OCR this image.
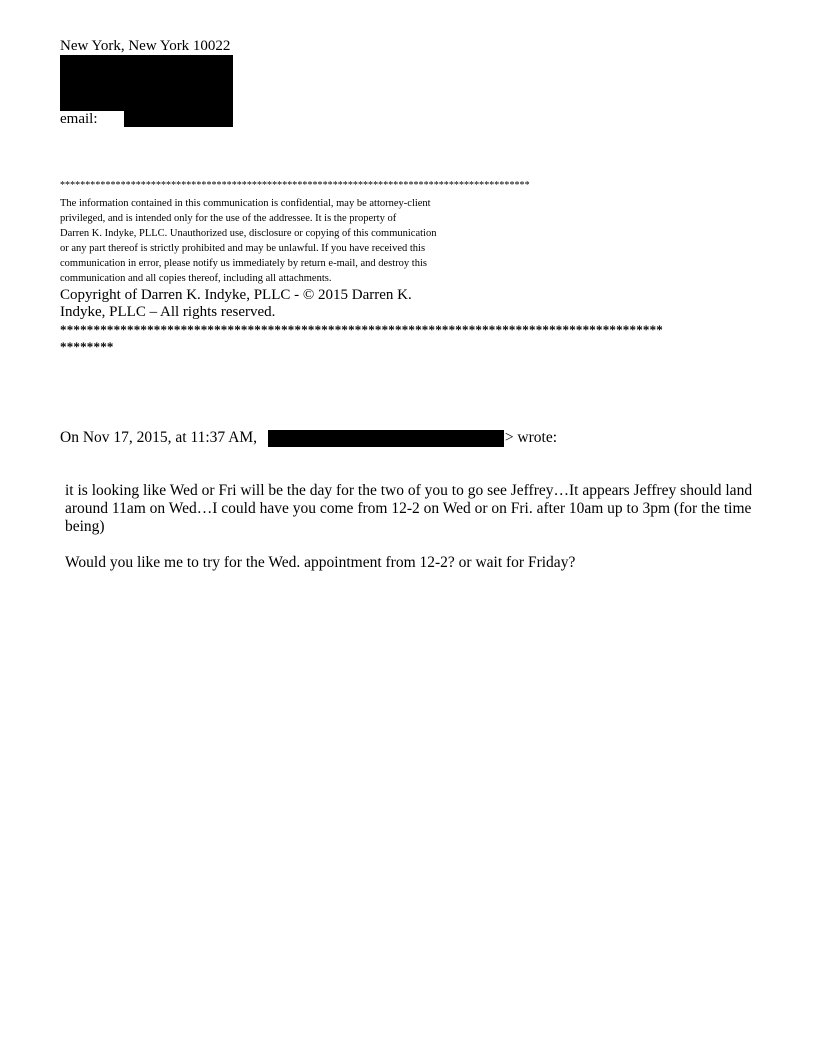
New York, New York 10022
email:
*********************************************************************************************
The information contained in this communication is confidential, may be attorney-client
privileged, and is intended only for the use of the addressee. It is the property of
Darren K. Indyke, PLLC. Unauthorized use, disclosure or copying of this communication
or any part thereof is strictly prohibited and may be unlawful. If you have received this
communication in error, please notify us immediately by return e-mail, and destroy this
communication and all copies thereof, including all attachments.
Copyright of Darren K. Indyke, PLLC - © 2015 Darren K.
Indyke, PLLC – All rights reserved.
******************************************************************************************
********
On Nov 17, 2015, at 11:37 AM,	> wrote:

it is looking like Wed or Fri will be the day for the two of you to go see Jeffrey…It appears Jeffrey should land around 11am on Wed…I could have you come from 12-2 on Wed or on Fri. after 10am up to 3pm (for the time being)

Would you like me to try for the Wed. appointment from 12-2? or wait for Friday?
